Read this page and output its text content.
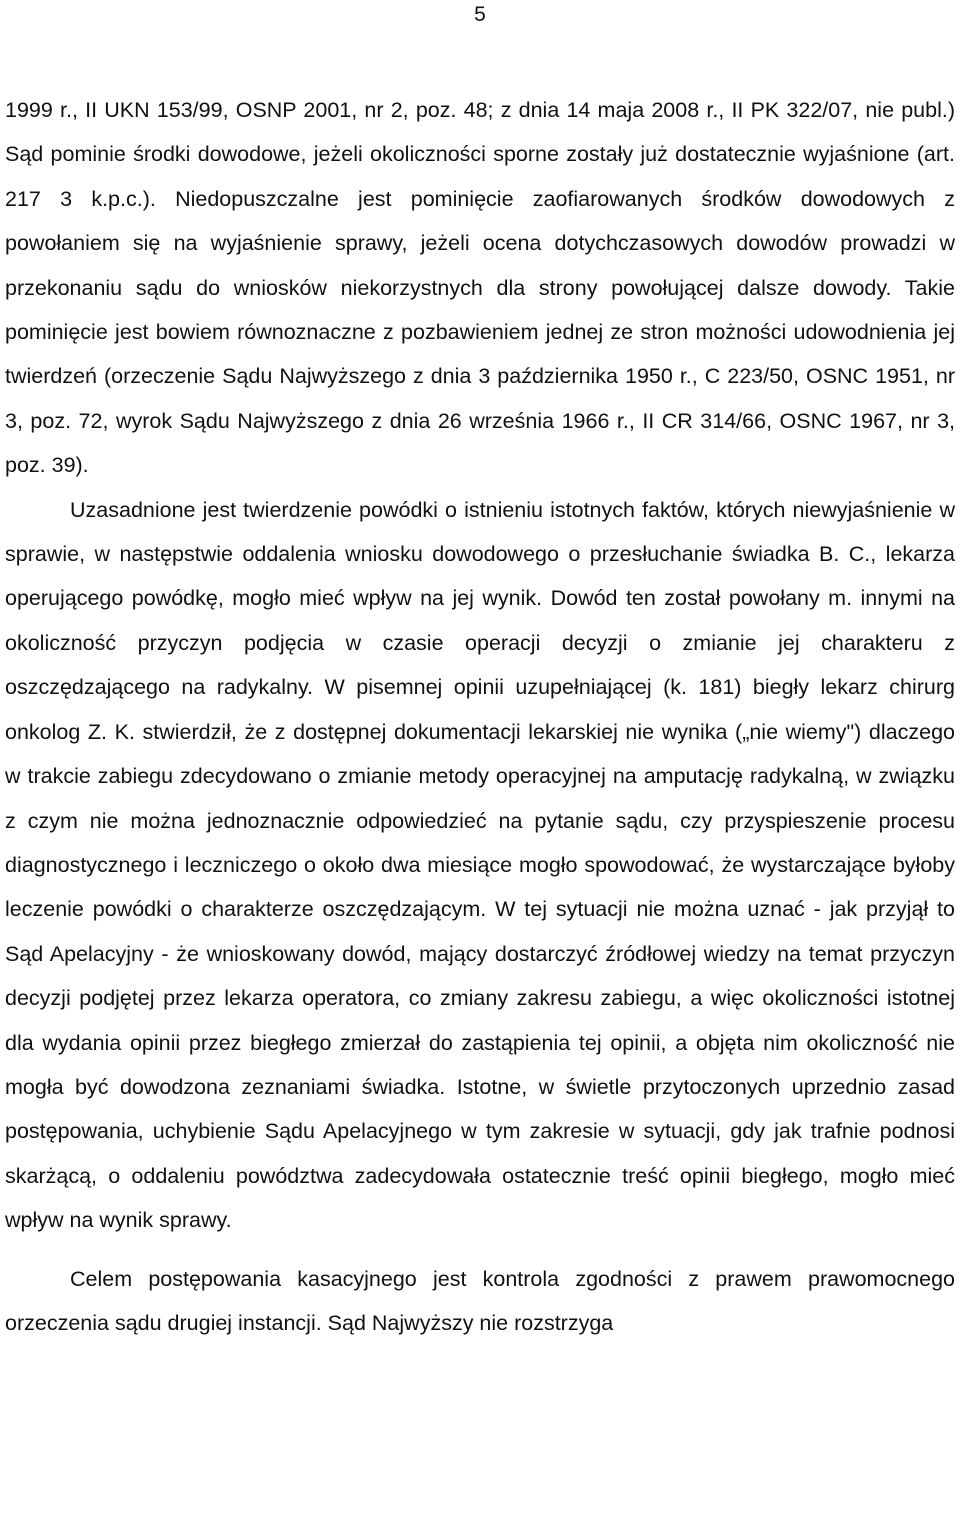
5

1999 r., II UKN 153/99, OSNP 2001, nr 2, poz. 48; z dnia 14 maja 2008 r., II PK 322/07, nie publ.) Sąd pominie środki dowodowe, jeżeli okoliczności sporne zostały już dostatecznie wyjaśnione (art. 217 3 k.p.c.). Niedopuszczalne jest pominięcie zaofiarowanych środków dowodowych z powołaniem się na wyjaśnienie sprawy, jeżeli ocena dotychczasowych dowodów prowadzi w przekonaniu sądu do wniosków niekorzystnych dla strony powołującej dalsze dowody. Takie pominięcie jest bowiem równoznaczne z pozbawieniem jednej ze stron możności udowodnienia jej twierdzeń (orzeczenie Sądu Najwyższego z dnia 3 października 1950 r., C 223/50, OSNC 1951, nr 3, poz. 72, wyrok Sądu Najwyższego z dnia 26 września 1966 r., II CR 314/66, OSNC 1967, nr 3, poz. 39).

Uzasadnione jest twierdzenie powódki o istnieniu istotnych faktów, których niewyjaśnienie w sprawie, w następstwie oddalenia wniosku dowodowego o przesłuchanie świadka B. C., lekarza operującego powódkę, mogło mieć wpływ na jej wynik. Dowód ten został powołany m. innymi na okoliczność przyczyn podjęcia w czasie operacji decyzji o zmianie jej charakteru z oszczędzającego na radykalny. W pisemnej opinii uzupełniającej (k. 181) biegły lekarz chirurg onkolog Z. K. stwierdził, że z dostępnej dokumentacji lekarskiej nie wynika („nie wiemy") dlaczego w trakcie zabiegu zdecydowano o zmianie metody operacyjnej na amputację radykalną, w związku z czym nie można jednoznacznie odpowiedzieć na pytanie sądu, czy przyspieszenie procesu diagnostycznego i leczniczego o około dwa miesiące mogło spowodować, że wystarczające byłoby leczenie powódki o charakterze oszczędzającym. W tej sytuacji nie można uznać - jak przyjął to Sąd Apelacyjny - że wnioskowany dowód, mający dostarczyć źródłowej wiedzy na temat przyczyn decyzji podjętej przez lekarza operatora, co zmiany zakresu zabiegu, a więc okoliczności istotnej dla wydania opinii przez biegłego zmierzał do zastąpienia tej opinii, a objęta nim okoliczność nie mogła być dowodzona zeznaniami świadka. Istotne, w świetle przytoczonych uprzednio zasad postępowania, uchybienie Sądu Apelacyjnego w tym zakresie w sytuacji, gdy jak trafnie podnosi skarżącą, o oddaleniu powództwa zadecydowała ostatecznie treść opinii biegłego, mogło mieć wpływ na wynik sprawy.

Celem postępowania kasacyjnego jest kontrola zgodności z prawem prawomocnego orzeczenia sądu drugiej instancji. Sąd Najwyższy nie rozstrzyga
